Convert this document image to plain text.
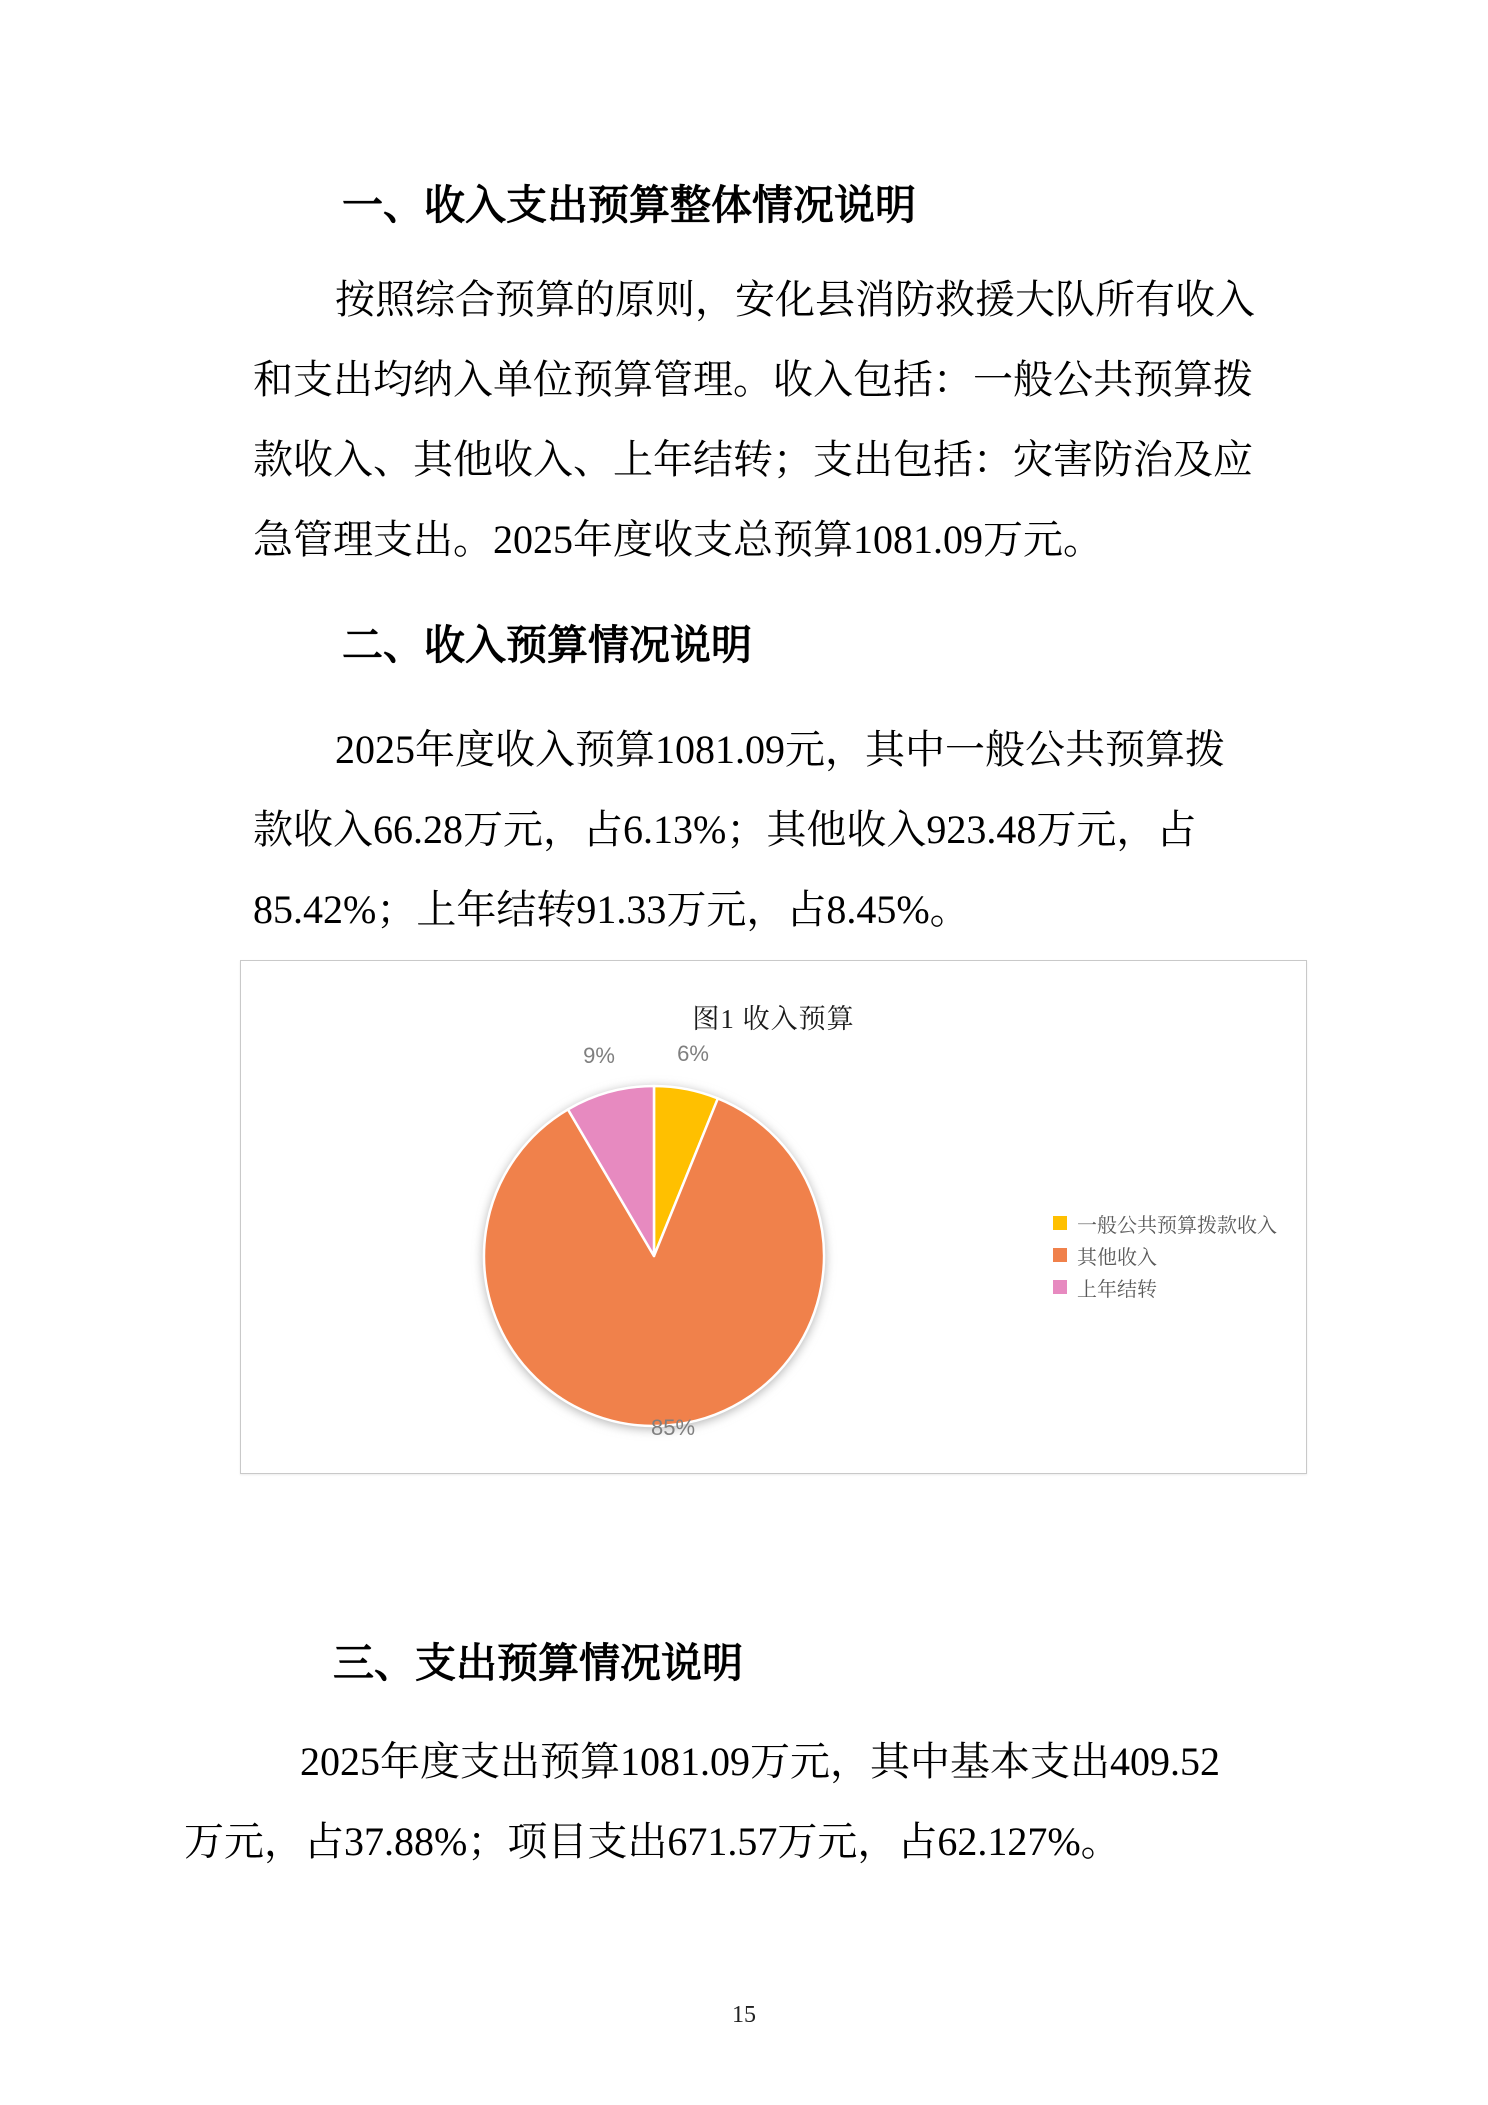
一、收入支出预算整体情况说明
按照综合预算的原则，安化县消防救援大队所有收入
和支出均纳入单位预算管理。收入包括：一般公共预算拨
款收入、其他收入、上年结转；支出包括：灾害防治及应
急管理支出。2025年度收支总预算1081.09万元。
二、收入预算情况说明
2025年度收入预算1081.09元，其中一般公共预算拨
款收入66.28万元，占6.13%；其他收入923.48万元，占
85.42%；上年结转91.33万元，占8.45%。
图1 收入预算
6%
9%
85%
一般公共预算拨款收入
其他收入
上年结转
三、支出预算情况说明
2025年度支出预算1081.09万元，其中基本支出409.52
万元，占37.88%；项目支出671.57万元，占62.127%。
15
